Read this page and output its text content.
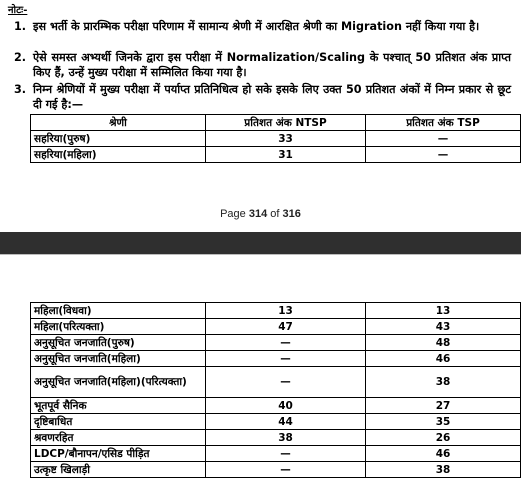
नोटः-
1. इस भर्ती के प्रारम्भिक परीक्षा परिणाम में सामान्य श्रेणी में आरक्षित श्रेणी का Migration नहीं किया गया है।
2. ऐसे समस्त अभ्यर्थी जिनके द्वारा इस परीक्षा में Normalization/Scaling के पश्चात् 50 प्रतिशत अंक प्राप्त किए हैं, उन्हें मुख्य परीक्षा में सम्मिलित किया गया है।
3. निम्न श्रेणियों में मुख्य परीक्षा में पर्याप्त प्रतिनिधित्व हो सके इसके लिए उक्त 50 प्रतिशत अंकों में निम्न प्रकार से छूट दी गई है:—
श्रेणी	प्रतिशत अंक NTSP	प्रतिशत अंक TSP
सहरिया(पुरुष)	33	—
सहरिया(महिला)	31	—
Page 314 of 316
महिला(विधवा)	13	13
महिला(परित्यक्ता)	47	43
अनुसूचित जनजाति(पुरुष)	—	48
अनुसूचित जनजाति(महिला)	—	46
अनुसूचित जनजाति(महिला)(परित्यक्ता)	—	38
भूतपूर्व सैनिक	40	27
दृष्टिबाधित	44	35
श्रवणरहित	38	26
LDCP/बौनापन/एसिड पीड़ित	—	46
उत्कृष्ट खिलाड़ी	—	38
